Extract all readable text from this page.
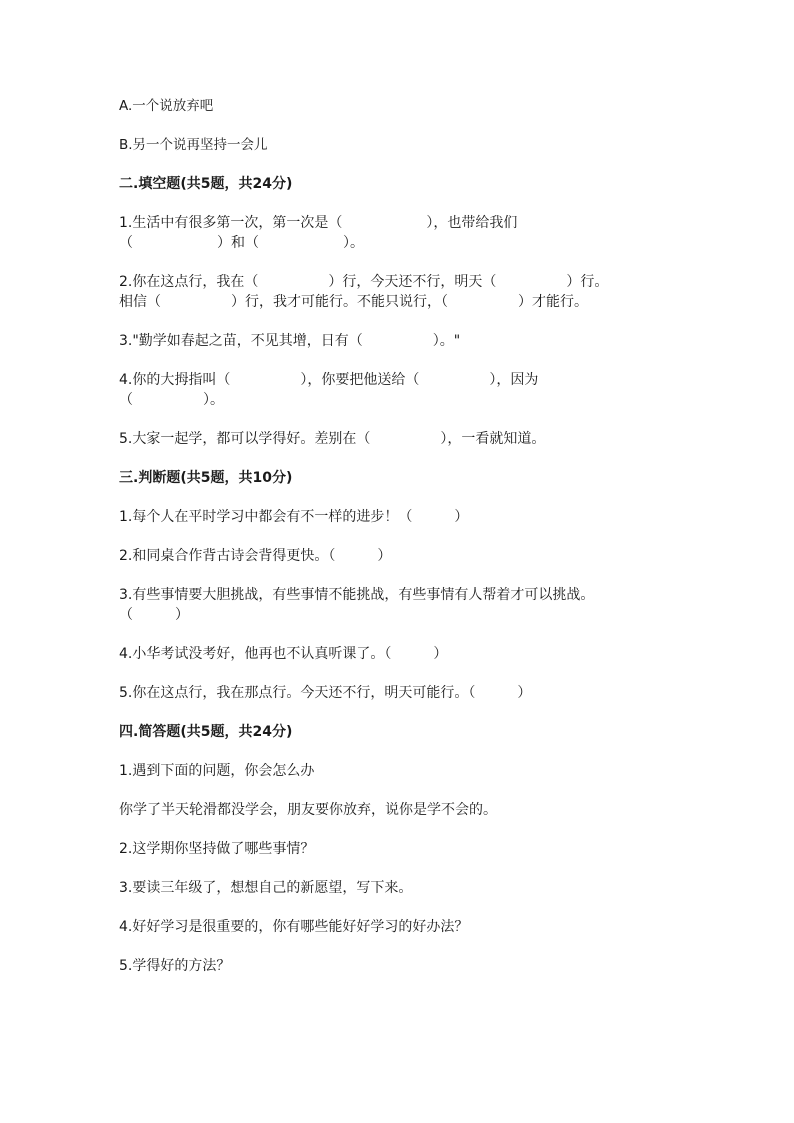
A.一个说放弃吧

B.另一个说再坚持一会儿

二.填空题(共5题，共24分)

1.生活中有很多第一次，第一次是（　　　　　　），也带给我们

（　　　　　　）和（　　　　　　）。

2.你在这点行，我在（　　　　　）行，今天还不行，明天（　　　　　）行。

相信（　　　　　）行，我才可能行。不能只说行，（　　　　　）才能行。

3."勤学如春起之苗，不见其增，日有（　　　　　）。"

4.你的大拇指叫（　　　　　），你要把他送给（　　　　　），因为

（　　　　　）。

5.大家一起学，都可以学得好。差别在（　　　　　），一看就知道。

三.判断题(共5题，共10分)

1.每个人在平时学习中都会有不一样的进步！（　　　）

2.和同桌合作背古诗会背得更快。（　　　）

3.有些事情要大胆挑战，有些事情不能挑战，有些事情有人帮着才可以挑战。

（　　　）

4.小华考试没考好，他再也不认真听课了。（　　　）

5.你在这点行，我在那点行。今天还不行，明天可能行。（　　　）

四.简答题(共5题，共24分)

1.遇到下面的问题，你会怎么办

你学了半天轮滑都没学会，朋友要你放弃，说你是学不会的。

2.这学期你坚持做了哪些事情？

3.要读三年级了，想想自己的新愿望，写下来。

4.好好学习是很重要的，你有哪些能好好学习的好办法？

5.学得好的方法？
